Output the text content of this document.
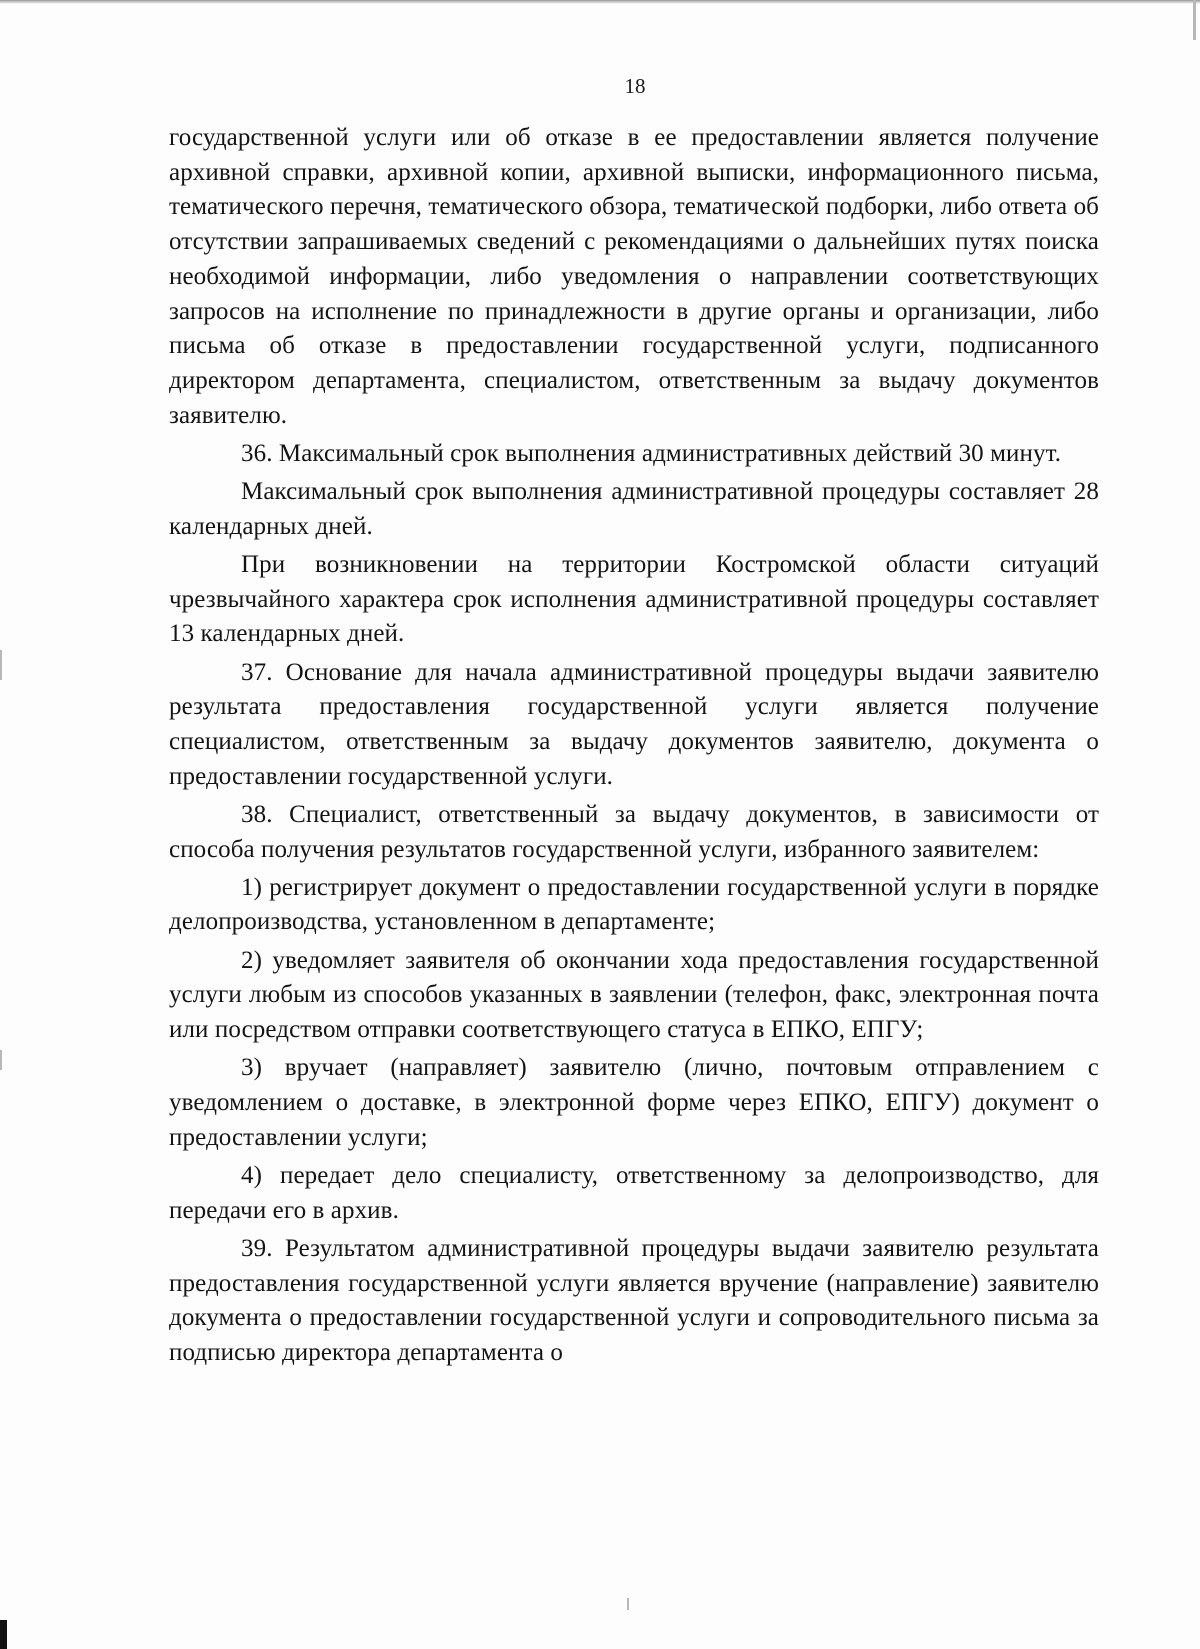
18

государственной услуги или об отказе в ее предоставлении является получение архивной справки, архивной копии, архивной выписки, информационного письма, тематического перечня, тематического обзора, тематической подборки, либо ответа об отсутствии запрашиваемых сведений с рекомендациями о дальнейших путях поиска необходимой информации, либо уведомления о направлении соответствующих запросов на исполнение по принадлежности в другие органы и организации, либо письма об отказе в предоставлении государственной услуги, подписанного директором департамента, специалистом, ответственным за выдачу документов заявителю.

36. Максимальный срок выполнения административных действий 30 минут.

Максимальный срок выполнения административной процедуры составляет 28 календарных дней.

При возникновении на территории Костромской области ситуаций чрезвычайного характера срок исполнения административной процедуры составляет 13 календарных дней.

37. Основание для начала административной процедуры выдачи заявителю результата предоставления государственной услуги является получение специалистом, ответственным за выдачу документов заявителю, документа о предоставлении государственной услуги.

38. Специалист, ответственный за выдачу документов, в зависимости от способа получения результатов государственной услуги, избранного заявителем:

1) регистрирует документ о предоставлении государственной услуги в порядке делопроизводства, установленном в департаменте;

2) уведомляет заявителя об окончании хода предоставления государственной услуги любым из способов указанных в заявлении (телефон, факс, электронная почта или посредством отправки соответствующего статуса в ЕПКО, ЕПГУ;

3) вручает (направляет) заявителю (лично, почтовым отправлением с уведомлением о доставке, в электронной форме через ЕПКО, ЕПГУ) документ о предоставлении услуги;

4) передает дело специалисту, ответственному за делопроизводство, для передачи его в архив.

39. Результатом административной процедуры выдачи заявителю результата предоставления государственной услуги является вручение (направление) заявителю документа о предоставлении государственной услуги и сопроводительного письма за подписью директора департамента о
